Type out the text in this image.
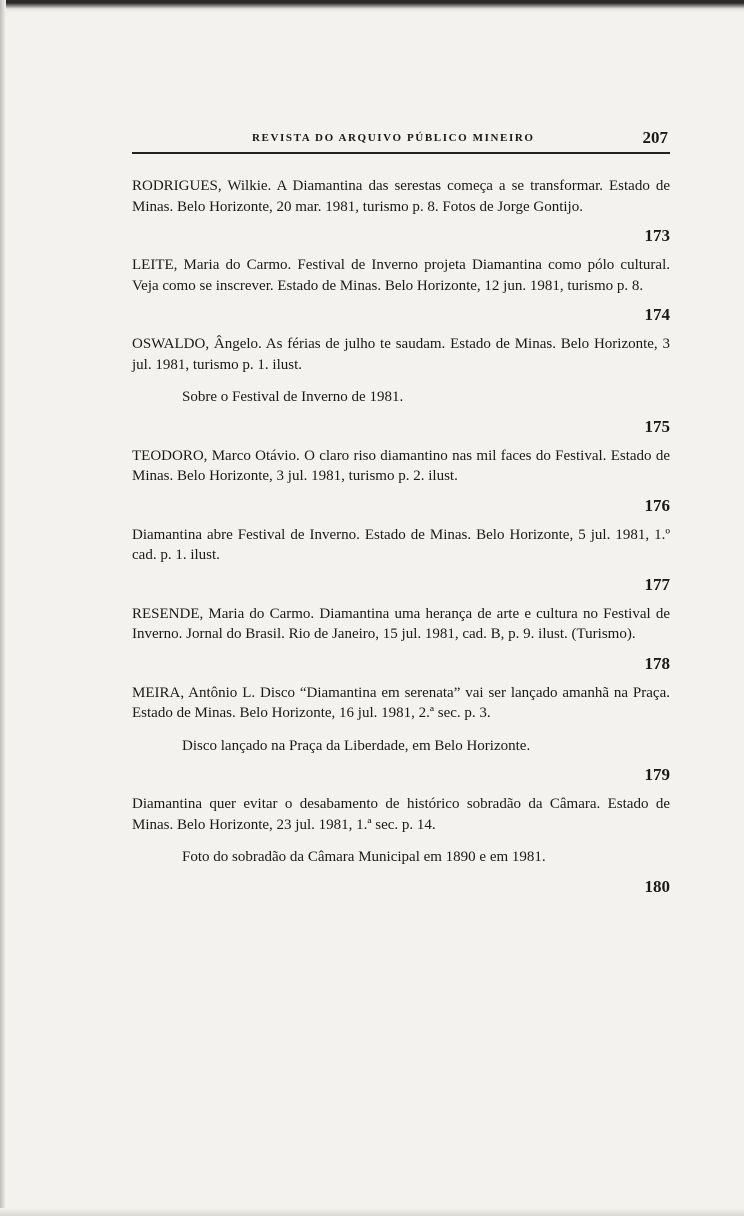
REVISTA DO ARQUIVO PÚBLICO MINEIRO	207

RODRIGUES, Wilkie. A Diamantina das serestas começa a se transformar. Estado de Minas. Belo Horizonte, 20 mar. 1981, turismo p. 8. Fotos de Jorge Gontijo.

173

LEITE, Maria do Carmo. Festival de Inverno projeta Diamantina como pólo cultural. Veja como se inscrever. Estado de Minas. Belo Horizonte, 12 jun. 1981, turismo p. 8.

174

OSWALDO, Ângelo. As férias de julho te saudam. Estado de Minas. Belo Horizonte, 3 jul. 1981, turismo p. 1. ilust.

Sobre o Festival de Inverno de 1981.

175

TEODORO, Marco Otávio. O claro riso diamantino nas mil faces do Festival. Estado de Minas. Belo Horizonte, 3 jul. 1981, turismo p. 2. ilust.

176

Diamantina abre Festival de Inverno. Estado de Minas. Belo Horizonte, 5 jul. 1981, 1.º cad. p. 1. ilust.

177

RESENDE, Maria do Carmo. Diamantina uma herança de arte e cultura no Festival de Inverno. Jornal do Brasil. Rio de Janeiro, 15 jul. 1981, cad. B, p. 9. ilust. (Turismo).

178

MEIRA, Antônio L. Disco “Diamantina em serenata” vai ser lançado amanhã na Praça. Estado de Minas. Belo Horizonte, 16 jul. 1981, 2.ª sec. p. 3.

Disco lançado na Praça da Liberdade, em Belo Horizonte.

179

Diamantina quer evitar o desabamento de histórico sobradão da Câmara. Estado de Minas. Belo Horizonte, 23 jul. 1981, 1.ª sec. p. 14.

Foto do sobradão da Câmara Municipal em 1890 e em 1981.

180
